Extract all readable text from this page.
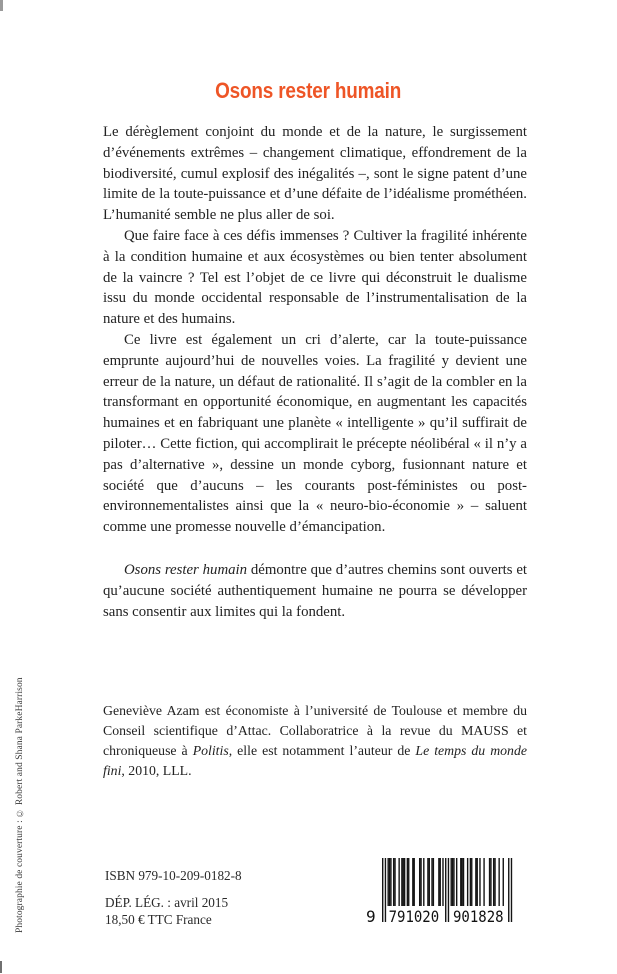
Osons rester humain

Le dérèglement conjoint du monde et de la nature, le surgissement d’événements extrêmes – changement climatique, effondrement de la biodiversité, cumul explosif des inégalités –, sont le signe patent d’une limite de la toute-puissance et d’une défaite de l’idéalisme prométhéen. L’humanité semble ne plus aller de soi.

Que faire face à ces défis immenses ? Cultiver la fragilité inhérente à la condition humaine et aux écosystèmes ou bien tenter absolument de la vaincre ? Tel est l’objet de ce livre qui déconstruit le dualisme issu du monde occidental responsable de l’instrumentalisation de la nature et des humains.

Ce livre est également un cri d’alerte, car la toute-puissance emprunte aujourd’hui de nouvelles voies. La fragilité y devient une erreur de la nature, un défaut de rationalité. Il s’agit de la combler en la transformant en opportunité économique, en augmentant les capacités humaines et en fabriquant une planète « intelligente » qu’il suffirait de piloter… Cette fiction, qui accomplirait le précepte néolibéral « il n’y a pas d’alternative », dessine un monde cyborg, fusionnant nature et société que d’aucuns – les courants post-féministes ou post-environnementalistes ainsi que la « neuro-bio-économie » – saluent comme une promesse nouvelle d’émancipation.

Osons rester humain démontre que d’autres chemins sont ouverts et qu’aucune société authentiquement humaine ne pourra se développer sans consentir aux limites qui la fondent.

Geneviève Azam est économiste à l’université de Toulouse et membre du Conseil scientifique d’Attac. Collaboratrice à la revue du MAUSS et chroniqueuse à Politis, elle est notamment l’auteur de Le temps du monde fini, 2010, LLL.

ISBN 979-10-209-0182-8
DÉP. LÉG. : avril 2015
18,50 € TTC France	9 791020 901828
Photographie de couverture : © Robert and Shana ParkeHarrison
